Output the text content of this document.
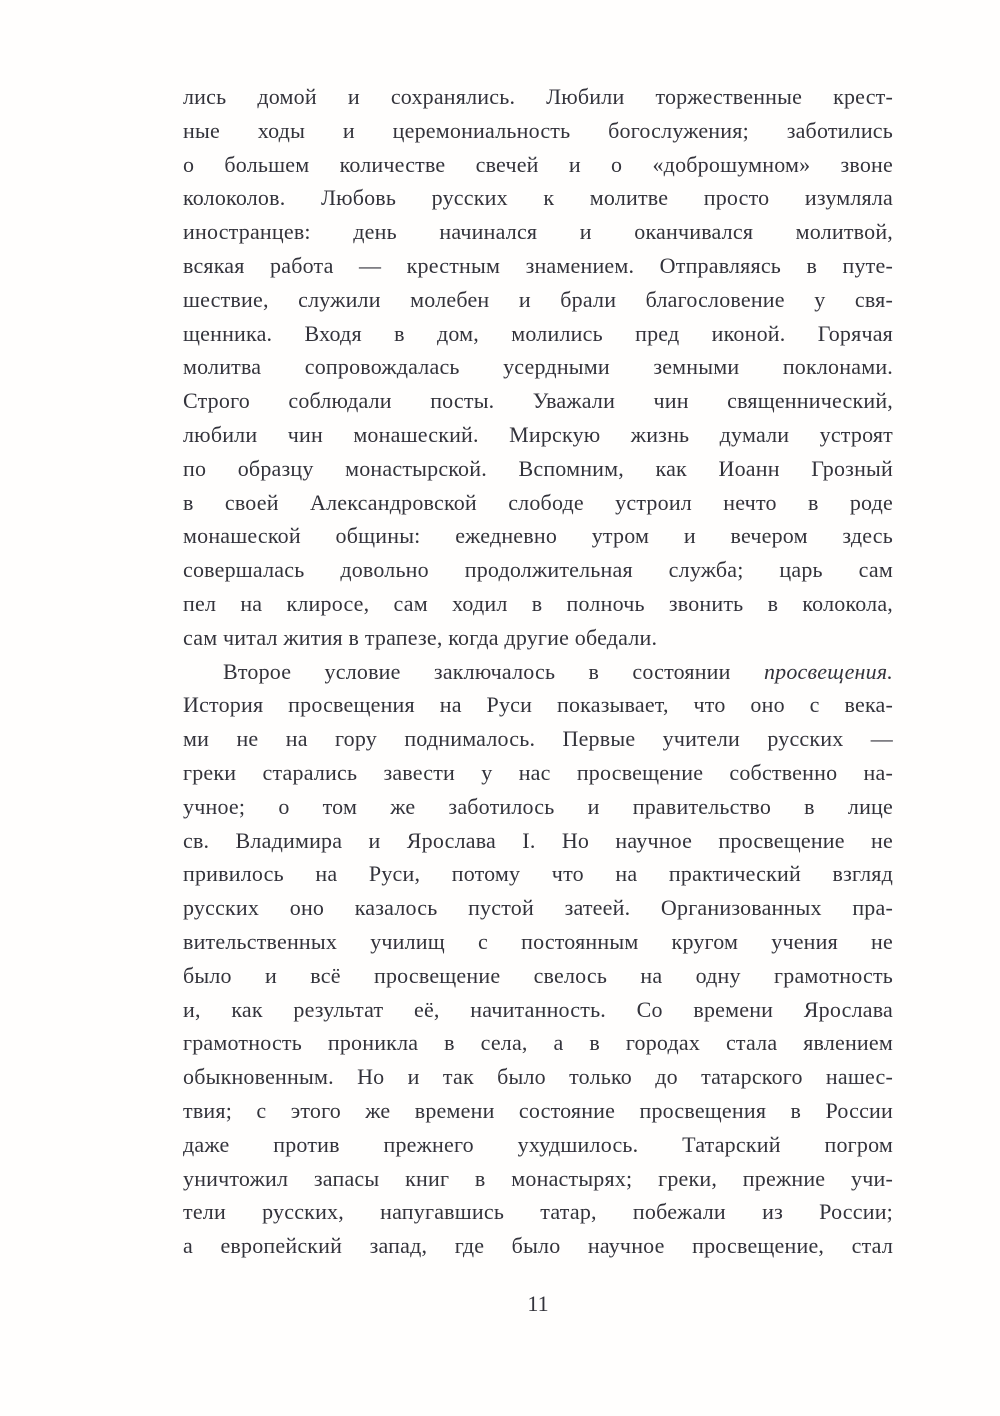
лись домой и сохранялись. Любили торжественные крест-
ные ходы и церемониальность богослужения; заботились
о большем количестве свечей и о «доброшумном» звоне
колоколов. Любовь русских к молитве просто изумляла
иностранцев: день начинался и оканчивался молитвой,
всякая работа — крестным знамением. Отправляясь в путе-
шествие, служили молебен и брали благословение у свя-
щенника. Входя в дом, молились пред иконой. Горячая
молитва сопровождалась усердными земными поклонами.
Строго соблюдали посты. Уважали чин священнический,
любили чин монашеский. Мирскую жизнь думали устроят
по образцу монастырской. Вспомним, как Иоанн Грозный
в своей Александровской слободе устроил нечто в роде
монашеской общины: ежедневно утром и вечером здесь
совершалась довольно продолжительная служба; царь сам
пел на клиросе, сам ходил в полночь звонить в колокола,
сам читал жития в трапезе, когда другие обедали.
Второе условие заключалось в состоянии просвещения.
История просвещения на Руси показывает, что оно с века-
ми не на гору поднималось. Первые учители русских —
греки старались завести у нас просвещение собственно на-
учное; о том же заботилось и правительство в лице
св. Владимира и Ярослава I. Но научное просвещение не
привилось на Руси, потому что на практический взгляд
русских оно казалось пустой затеей. Организованных пра-
вительственных училищ с постоянным кругом учения не
было и всё просвещение свелось на одну грамотность
и, как результат её, начитанность. Со времени Ярослава
грамотность проникла в села, а в городах стала явлением
обыкновенным. Но и так было только до татарского нашес-
твия; с этого же времени состояние просвещения в России
даже против прежнего ухудшилось. Татарский погром
уничтожил запасы книг в монастырях; греки, прежние учи-
тели русских, напугавшись татар, побежали из России;
а европейский запад, где было научное просвещение, стал
11
